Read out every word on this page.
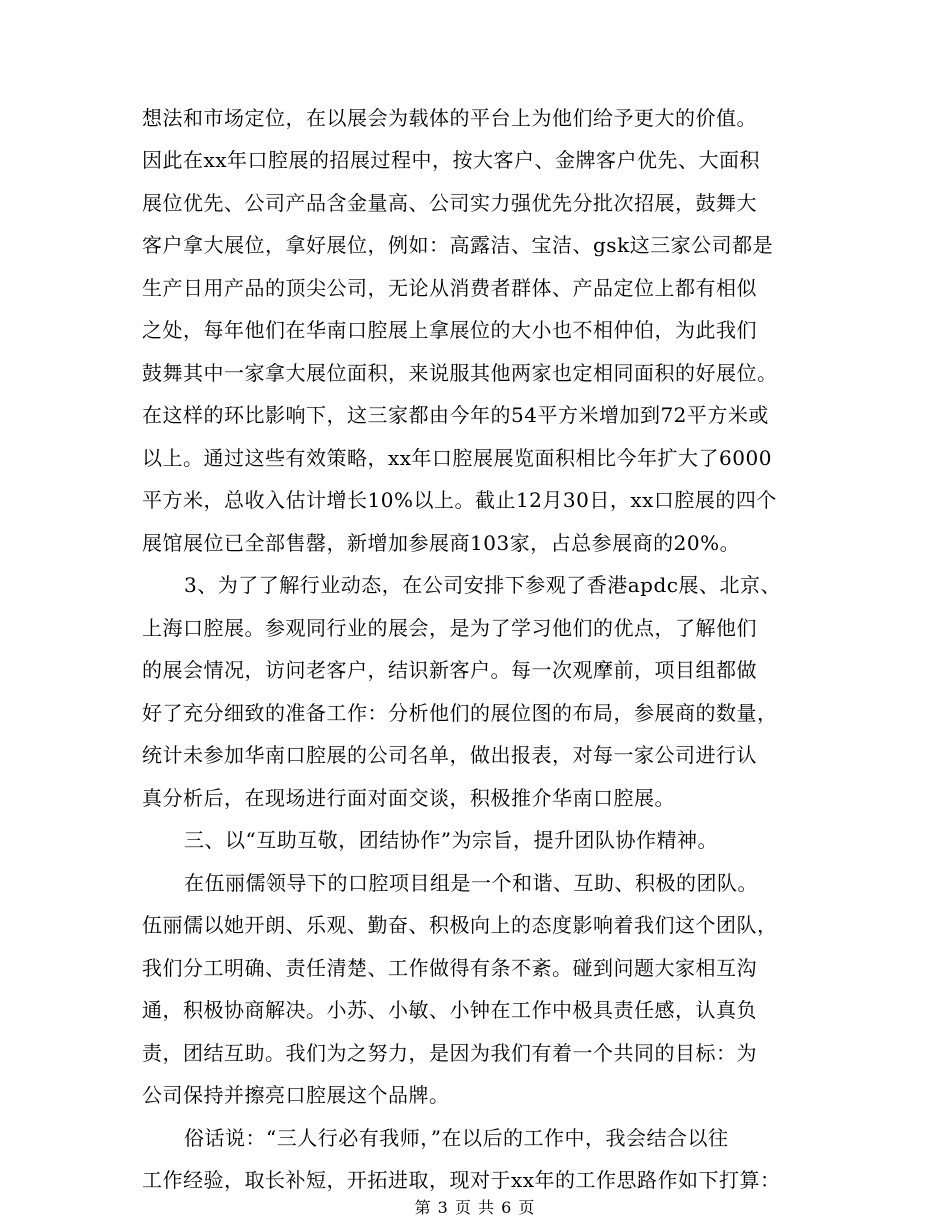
想法和市场定位，在以展会为载体的平台上为他们给予更大的价值。
因此在xx年口腔展的招展过程中，按大客户、金牌客户优先、大面积
展位优先、公司产品含金量高、公司实力强优先分批次招展，鼓舞大
客户拿大展位，拿好展位，例如：高露洁、宝洁、gsk这三家公司都是
生产日用产品的顶尖公司，无论从消费者群体、产品定位上都有相似
之处，每年他们在华南口腔展上拿展位的大小也不相仲伯，为此我们
鼓舞其中一家拿大展位面积，来说服其他两家也定相同面积的好展位。
在这样的环比影响下，这三家都由今年的54平方米增加到72平方米或
以上。通过这些有效策略，xx年口腔展展览面积相比今年扩大了6000
平方米，总收入估计增长10%以上。截止12月30日，xx口腔展的四个
展馆展位已全部售罄，新增加参展商103家，占总参展商的20%。
3、为了了解行业动态，在公司安排下参观了香港apdc展、北京、
上海口腔展。参观同行业的展会，是为了学习他们的优点，了解他们
的展会情况，访问老客户，结识新客户。每一次观摩前，项目组都做
好了充分细致的准备工作：分析他们的展位图的布局，参展商的数量，
统计未参加华南口腔展的公司名单，做出报表，对每一家公司进行认
真分析后，在现场进行面对面交谈，积极推介华南口腔展。
三、以“互助互敬，团结协作”为宗旨，提升团队协作精神。
在伍丽儒领导下的口腔项目组是一个和谐、互助、积极的团队。
伍丽儒以她开朗、乐观、勤奋、积极向上的态度影响着我们这个团队，
我们分工明确、责任清楚、工作做得有条不紊。碰到问题大家相互沟
通，积极协商解决。小苏、小敏、小钟在工作中极具责任感，认真负
责，团结互助。我们为之努力，是因为我们有着一个共同的目标：为
公司保持并擦亮口腔展这个品牌。
俗话说：“三人行必有我师，”在以后的工作中，我会结合以往
工作经验，取长补短，开拓进取，现对于xx年的工作思路作如下打算：
第 3 页 共 6 页
